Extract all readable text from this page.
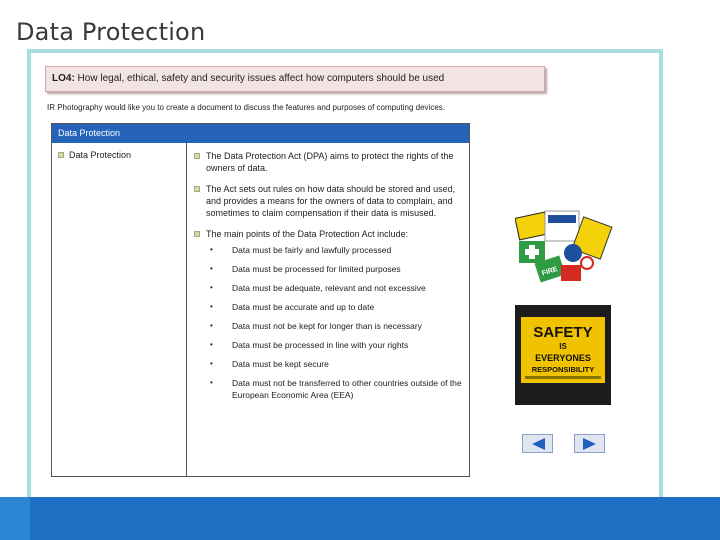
Data Protection
LO4: How legal, ethical, safety and security issues affect how computers should be used
IR Photography would like you to create a document to discuss the features and purposes of computing devices.
Data Protection
Data Protection	The Data Protection Act (DPA) aims to protect the rights of the owners of data.
The Act sets out rules on how data should be stored and used, and provides a means for the owners of data to complain, and sometimes to claim compensation if their data is misused.
The main points of the Data Protection Act include:
• Data must be fairly and lawfully processed
• Data must be processed for limited purposes
• Data must be adequate, relevant and not excessive
• Data must be accurate and up to date
• Data must not be kept for longer than is necessary
• Data must be processed in line with your rights
• Data must be kept secure
• Data must not be transferred to other countries outside of the European Economic Area (EEA)
FIRE
SAFETY
IS
EVERYONES
RESPONSIBILITY
